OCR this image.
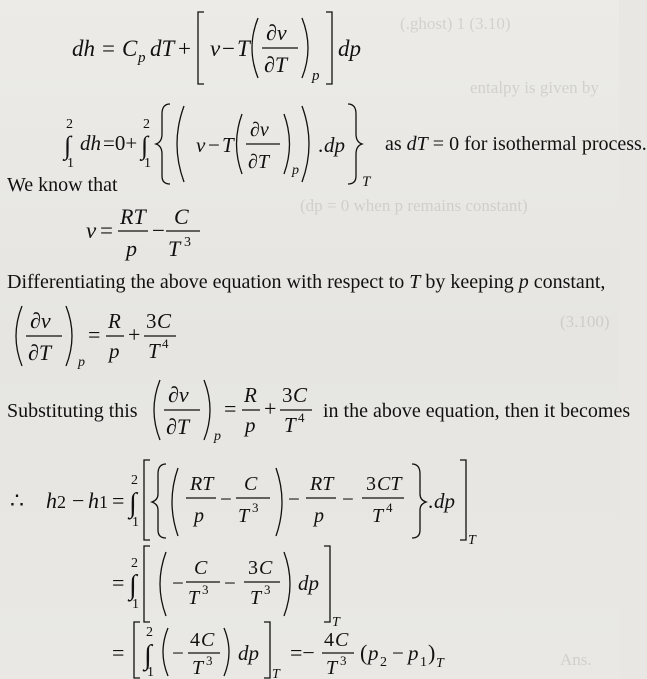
(.ghost) 1 (3.10)
entalpy is given by
(dp = 0 when p remains constant)
(3.100)
Ans.
dh = C p dT + v − T
∂v
∂T p
dp
2
∫
1
dh =0+
2
∫
1
v − T
∂v
∂T p
. dp
T
as dT = 0 for isothermal process.
We know that
v =
RT
p
−
C
T 3
Differentiating the above equation with respect to T by keeping p constant,
∂v
∂T p
=
R
p
+
3 C
T 4
Substituting this
∂v
∂T p
=
R
p
+
3 C
T 4 in the above equation, then it becomes
∴ h 2 − h 1 =
2
∫
1
RT
p
−
C
T 3 −
RT
p
−
3 CT
T 4 . dp
T
=
2
∫
1
−
C
T 3 −
3 C
T 3 dp
T
=
2
∫
1
−
4 C
T 3 dp
T
=− 4 C
T 3 ( p 2 − p 1 ) T
